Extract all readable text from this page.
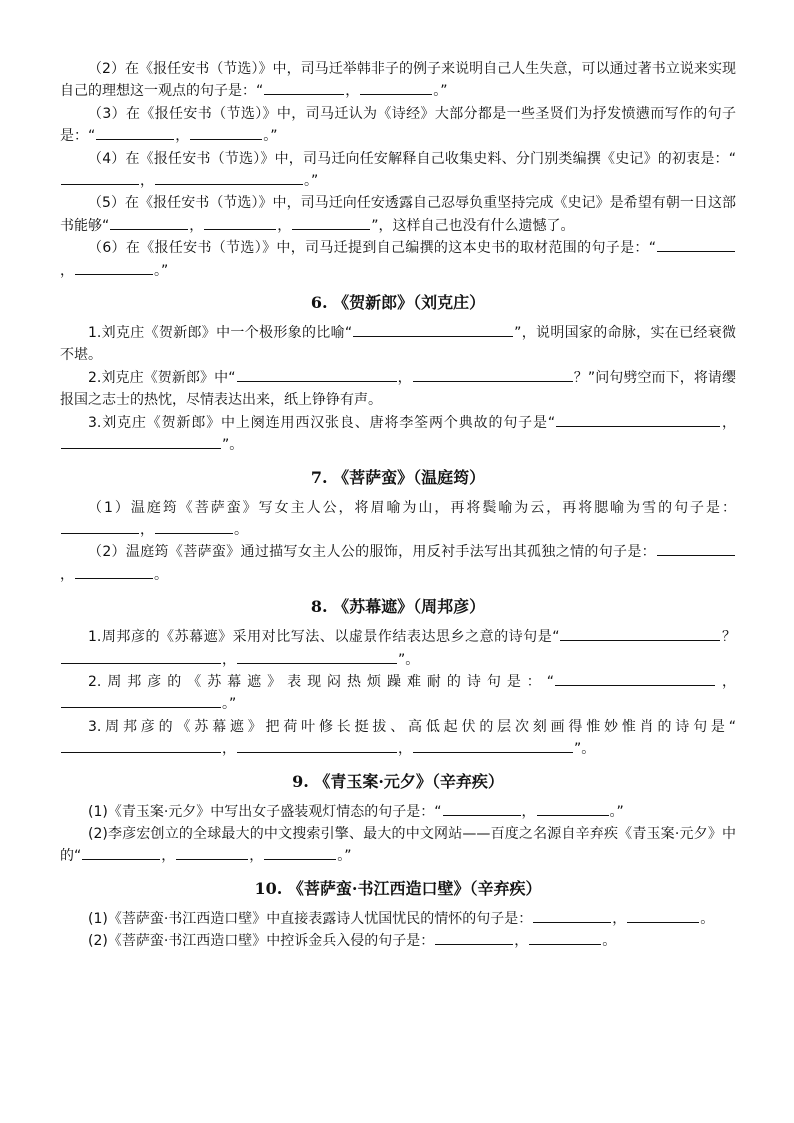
（2）在《报任安书（节选）》中，司马迁举韩非子的例子来说明自己人生失意，可以通过著书立说来实现自己的理想这一观点的句子是：“	，	。”

（3）在《报任安书（节选）》中，司马迁认为《诗经》大部分都是一些圣贤们为抒发愤懑而写作的句子是：“	，	。”

（4）在《报任安书（节选）》中，司马迁向任安解释自己收集史料、分门别类编撰《史记》的初衷是：“，	。”

（5）在《报任安书（节选）》中，司马迁向任安透露自己忍辱负重坚持完成《史记》是希望有朝一日这部书能够“	，	，	”，这样自己也没有什么遗憾了。

（6）在《报任安书（节选）》中，司马迁提到自己编撰的这本史书的取材范围的句子是：“，	。”

6. 《贺新郎》（刘克庄）

1.刘克庄《贺新郎》中一个极形象的比喻“	”，说明国家的命脉，实在已经衰微不堪。

2.刘克庄《贺新郎》中“	，	？”问句劈空而下，将请缨报国之志士的热忱，尽情表达出来，纸上铮铮有声。

3.刘克庄《贺新郎》中上阕连用西汉张良、唐将李筌两个典故的句子是“	，”。

7. 《菩萨蛮》（温庭筠）

（1）温庭筠《菩萨蛮》写女主人公，将眉喻为山，再将鬓喻为云，再将腮喻为雪的句子是：，	。

（2）温庭筠《菩萨蛮》通过描写女主人公的服饰，用反衬手法写出其孤独之情的句子是：，	。

8. 《苏幕遮》（周邦彦）

1.周邦彦的《苏幕遮》采用对比写法、以虚景作结表达思乡之意的诗句是“	？，	”。

2.周邦彦的《苏幕遮》表现闷热烦躁难耐的诗句是：“	，。”

3.周邦彦的《苏幕遮》把荷叶修长挺拔、高低起伏的层次刻画得惟妙惟肖的诗句是“，	，	”。

9. 《青玉案·元夕》（辛弃疾）

(1)《青玉案·元夕》中写出女子盛装观灯情态的句子是：“	，	。”

(2)李彦宏创立的全球最大的中文搜索引擎、最大的中文网站——百度之名源自辛弃疾《青玉案·元夕》中的“	，	，	。”

10. 《菩萨蛮·书江西造口壁》（辛弃疾）

(1)《菩萨蛮·书江西造口壁》中直接表露诗人忧国忧民的情怀的句子是：	，	。

(2)《菩萨蛮·书江西造口壁》中控诉金兵入侵的句子是：	，	。
